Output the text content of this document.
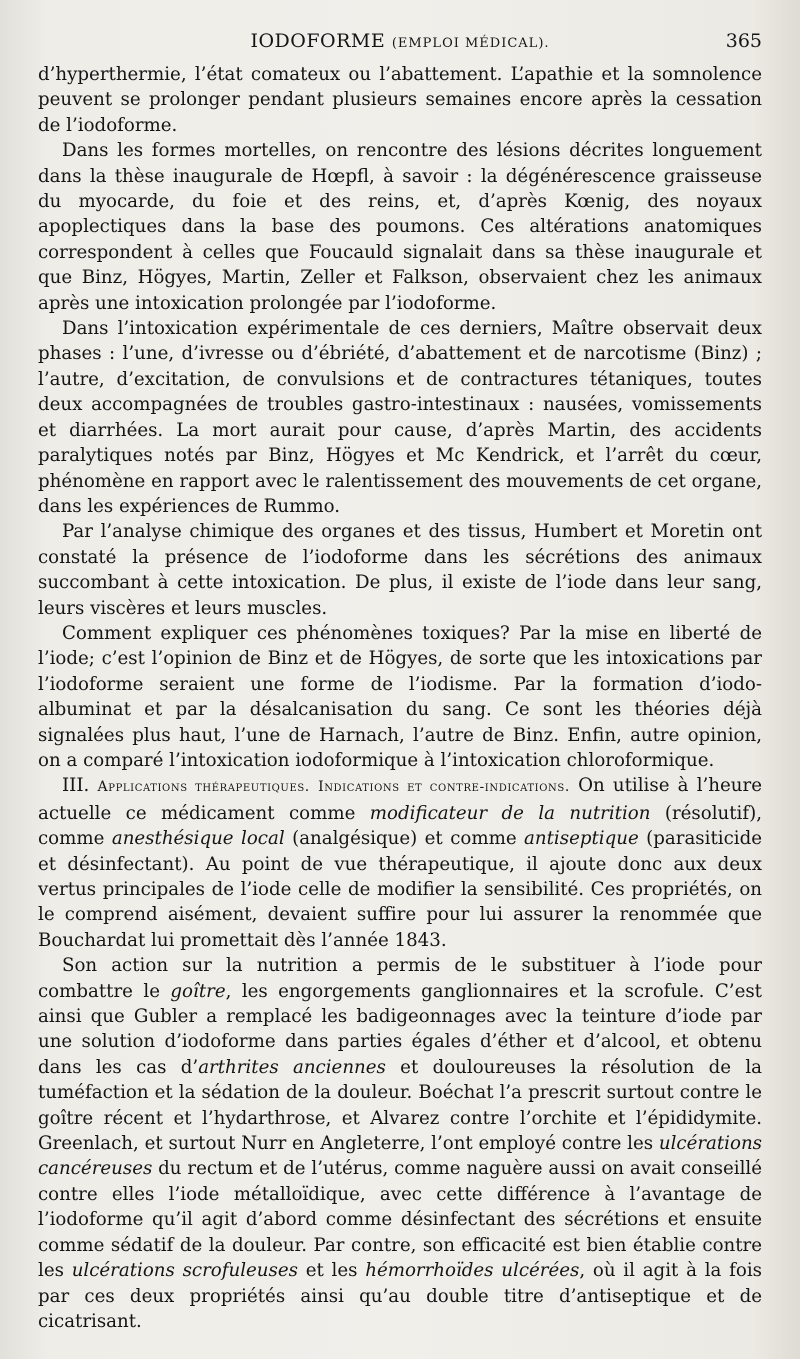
IODOFORME (EMPLOI MÉDICAL).	365

d’hyperthermie, l’état comateux ou l’abattement. L’apathie et la somnolence peuvent se prolonger pendant plusieurs semaines encore après la cessation de l’iodoforme.

Dans les formes mortelles, on rencontre des lésions décrites longuement dans la thèse inaugurale de Hœpfl, à savoir : la dégénérescence graisseuse du myocarde, du foie et des reins, et, d’après Kœnig, des noyaux apoplectiques dans la base des poumons. Ces altérations anatomiques correspondent à celles que Foucauld signalait dans sa thèse inaugurale et que Binz, Högyes, Martin, Zeller et Falkson, observaient chez les animaux après une intoxication prolongée par l’iodoforme.

Dans l’intoxication expérimentale de ces derniers, Maître observait deux phases : l’une, d’ivresse ou d’ébriété, d’abattement et de narcotisme (Binz) ; l’autre, d’excitation, de convulsions et de contractures tétaniques, toutes deux accompagnées de troubles gastro-intestinaux : nausées, vomissements et diarrhées. La mort aurait pour cause, d’après Martin, des accidents paralytiques notés par Binz, Högyes et Mc Kendrick, et l’arrêt du cœur, phénomène en rapport avec le ralentissement des mouvements de cet organe, dans les expériences de Rummo.

Par l’analyse chimique des organes et des tissus, Humbert et Moretin ont constaté la présence de l’iodoforme dans les sécrétions des animaux succombant à cette intoxication. De plus, il existe de l’iode dans leur sang, leurs viscères et leurs muscles.

Comment expliquer ces phénomènes toxiques? Par la mise en liberté de l’iode; c’est l’opinion de Binz et de Högyes, de sorte que les intoxications par l’iodoforme seraient une forme de l’iodisme. Par la formation d’iodo-albuminat et par la désalcanisation du sang. Ce sont les théories déjà signalées plus haut, l’une de Harnach, l’autre de Binz. Enfin, autre opinion, on a comparé l’intoxication iodoformique à l’intoxication chloroformique.

III. Applications thérapeutiques. Indications et contre-indications. On utilise à l’heure actuelle ce médicament comme modificateur de la nutrition (résolutif), comme anesthésique local (analgésique) et comme antiseptique (parasiticide et désinfectant). Au point de vue thérapeutique, il ajoute donc aux deux vertus principales de l’iode celle de modifier la sensibilité. Ces propriétés, on le comprend aisément, devaient suffire pour lui assurer la renommée que Bouchardat lui promettait dès l’année 1843.

Son action sur la nutrition a permis de le substituer à l’iode pour combattre le goître, les engorgements ganglionnaires et la scrofule. C’est ainsi que Gubler a remplacé les badigeonnages avec la teinture d’iode par une solution d’iodoforme dans parties égales d’éther et d’alcool, et obtenu dans les cas d’arthrites anciennes et douloureuses la résolution de la tuméfaction et la sédation de la douleur. Boéchat l’a prescrit surtout contre le goître récent et l’hydarthrose, et Alvarez contre l’orchite et l’épididymite. Greenlach, et surtout Nurr en Angleterre, l’ont employé contre les ulcérations cancéreuses du rectum et de l’utérus, comme naguère aussi on avait conseillé contre elles l’iode métalloïdique, avec cette différence à l’avantage de l’iodoforme qu’il agit d’abord comme désinfectant des sécrétions et ensuite comme sédatif de la douleur. Par contre, son efficacité est bien établie contre les ulcérations scrofuleuses et les hémorrhoïdes ulcérées, où il agit à la fois par ces deux propriétés ainsi qu’au double titre d’antiseptique et de cicatrisant.
